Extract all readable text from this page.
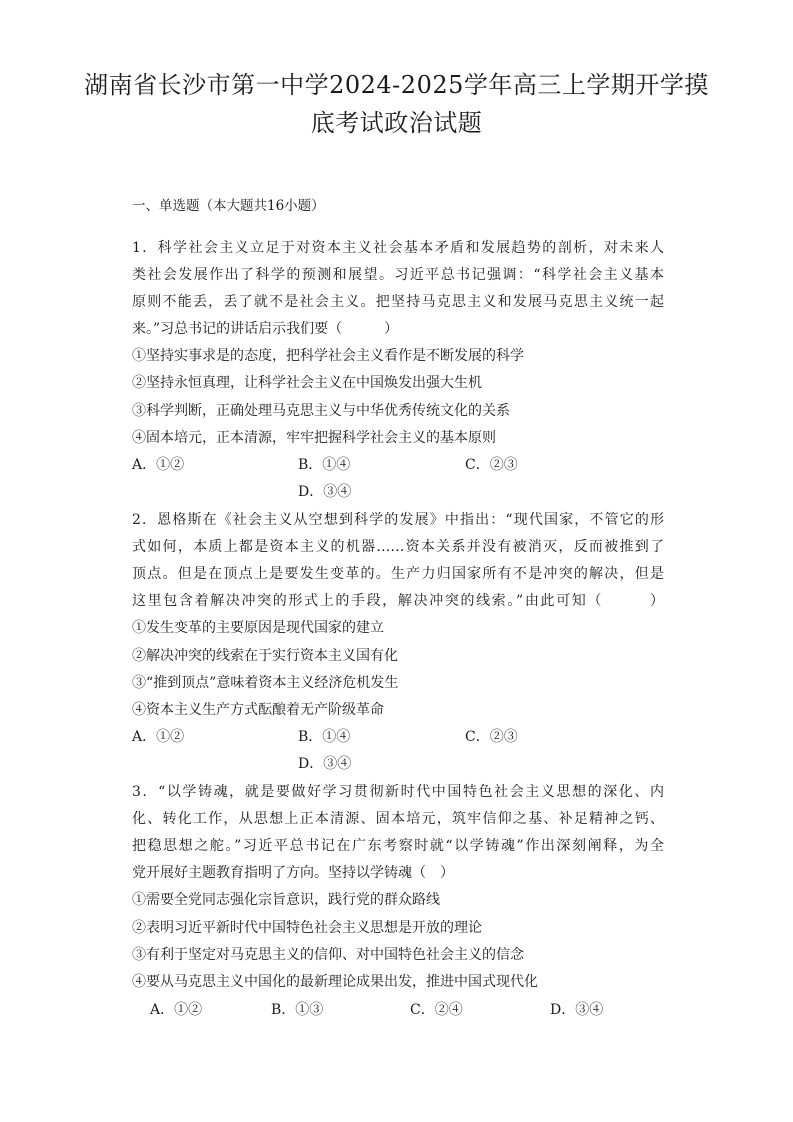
湖南省长沙市第一中学2024-2025学年高三上学期开学摸
底考试政治试题
一、单选题（本大题共16小题）
1．科学社会主义立足于对资本主义社会基本矛盾和发展趋势的剖析，对未来人
类社会发展作出了科学的预测和展望。习近平总书记强调：“科学社会主义基本
原则不能丢，丢了就不是社会主义。把坚持马克思主义和发展马克思主义统一起
来。”习总书记的讲话启示我们要（　　　）
①坚持实事求是的态度，把科学社会主义看作是不断发展的科学
②坚持永恒真理，让科学社会主义在中国焕发出强大生机
③科学判断，正确处理马克思主义与中华优秀传统文化的关系
④固本培元，正本清源，牢牢把握科学社会主义的基本原则
A．①②	B．①④	C．②③
D．③④
2．恩格斯在《社会主义从空想到科学的发展》中指出：“现代国家，不管它的形
式如何，本质上都是资本主义的机器……资本关系并没有被消灭，反而被推到了
顶点。但是在顶点上是要发生变革的。生产力归国家所有不是冲突的解决，但是
这里包含着解决冲突的形式上的手段，解决冲突的线索。”由此可知（　　　）
①发生变革的主要原因是现代国家的建立
②解决冲突的线索在于实行资本主义国有化
③“推到顶点”意味着资本主义经济危机发生
④资本主义生产方式酝酿着无产阶级革命
A．①②	B．①④	C．②③
D．③④
3．“以学铸魂，就是要做好学习贯彻新时代中国特色社会主义思想的深化、内
化、转化工作，从思想上正本清源、固本培元，筑牢信仰之基、补足精神之钙、
把稳思想之舵。”习近平总书记在广东考察时就“以学铸魂”作出深刻阐释，为全
党开展好主题教育指明了方向。坚持以学铸魂（　）
①需要全党同志强化宗旨意识，践行党的群众路线
②表明习近平新时代中国特色社会主义思想是开放的理论
③有利于坚定对马克思主义的信仰、对中国特色社会主义的信念
④要从马克思主义中国化的最新理论成果出发，推进中国式现代化
A．①②	B．①③	C．②④	D．③④
